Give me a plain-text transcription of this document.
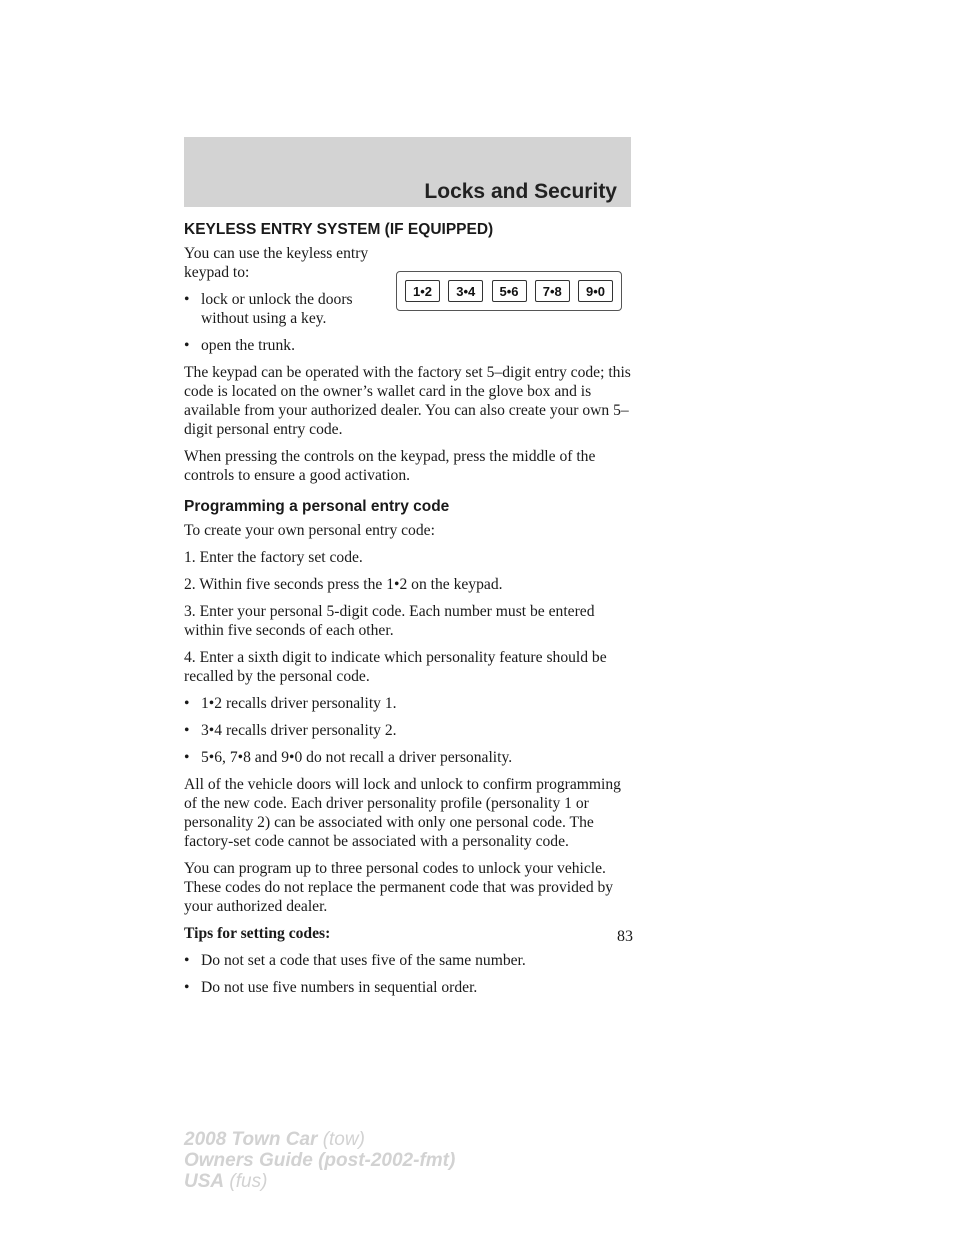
Locks and Security
KEYLESS ENTRY SYSTEM (IF EQUIPPED)

You can use the keyless entry keypad to:

• lock or unlock the doors without using a key.
• open the trunk.
1•2	3•4	5•6	7•8	9•0

The keypad can be operated with the factory set 5–digit entry code; this code is located on the owner’s wallet card in the glove box and is available from your authorized dealer. You can also create your own 5–digit personal entry code.

When pressing the controls on the keypad, press the middle of the controls to ensure a good activation.

Programming a personal entry code

To create your own personal entry code:

1. Enter the factory set code.

2. Within five seconds press the 1•2 on the keypad.

3. Enter your personal 5-digit code. Each number must be entered within five seconds of each other.

4. Enter a sixth digit to indicate which personality feature should be recalled by the personal code.

• 1•2 recalls driver personality 1.
• 3•4 recalls driver personality 2.
• 5•6, 7•8 and 9•0 do not recall a driver personality.

All of the vehicle doors will lock and unlock to confirm programming of the new code. Each driver personality profile (personality 1 or personality 2) can be associated with only one personal code. The factory-set code cannot be associated with a personality code.

You can program up to three personal codes to unlock your vehicle. These codes do not replace the permanent code that was provided by your authorized dealer.

Tips for setting codes:

• Do not set a code that uses five of the same number.
• Do not use five numbers in sequential order.
83
2008 Town Car (tow)
Owners Guide (post-2002-fmt)
USA (fus)
